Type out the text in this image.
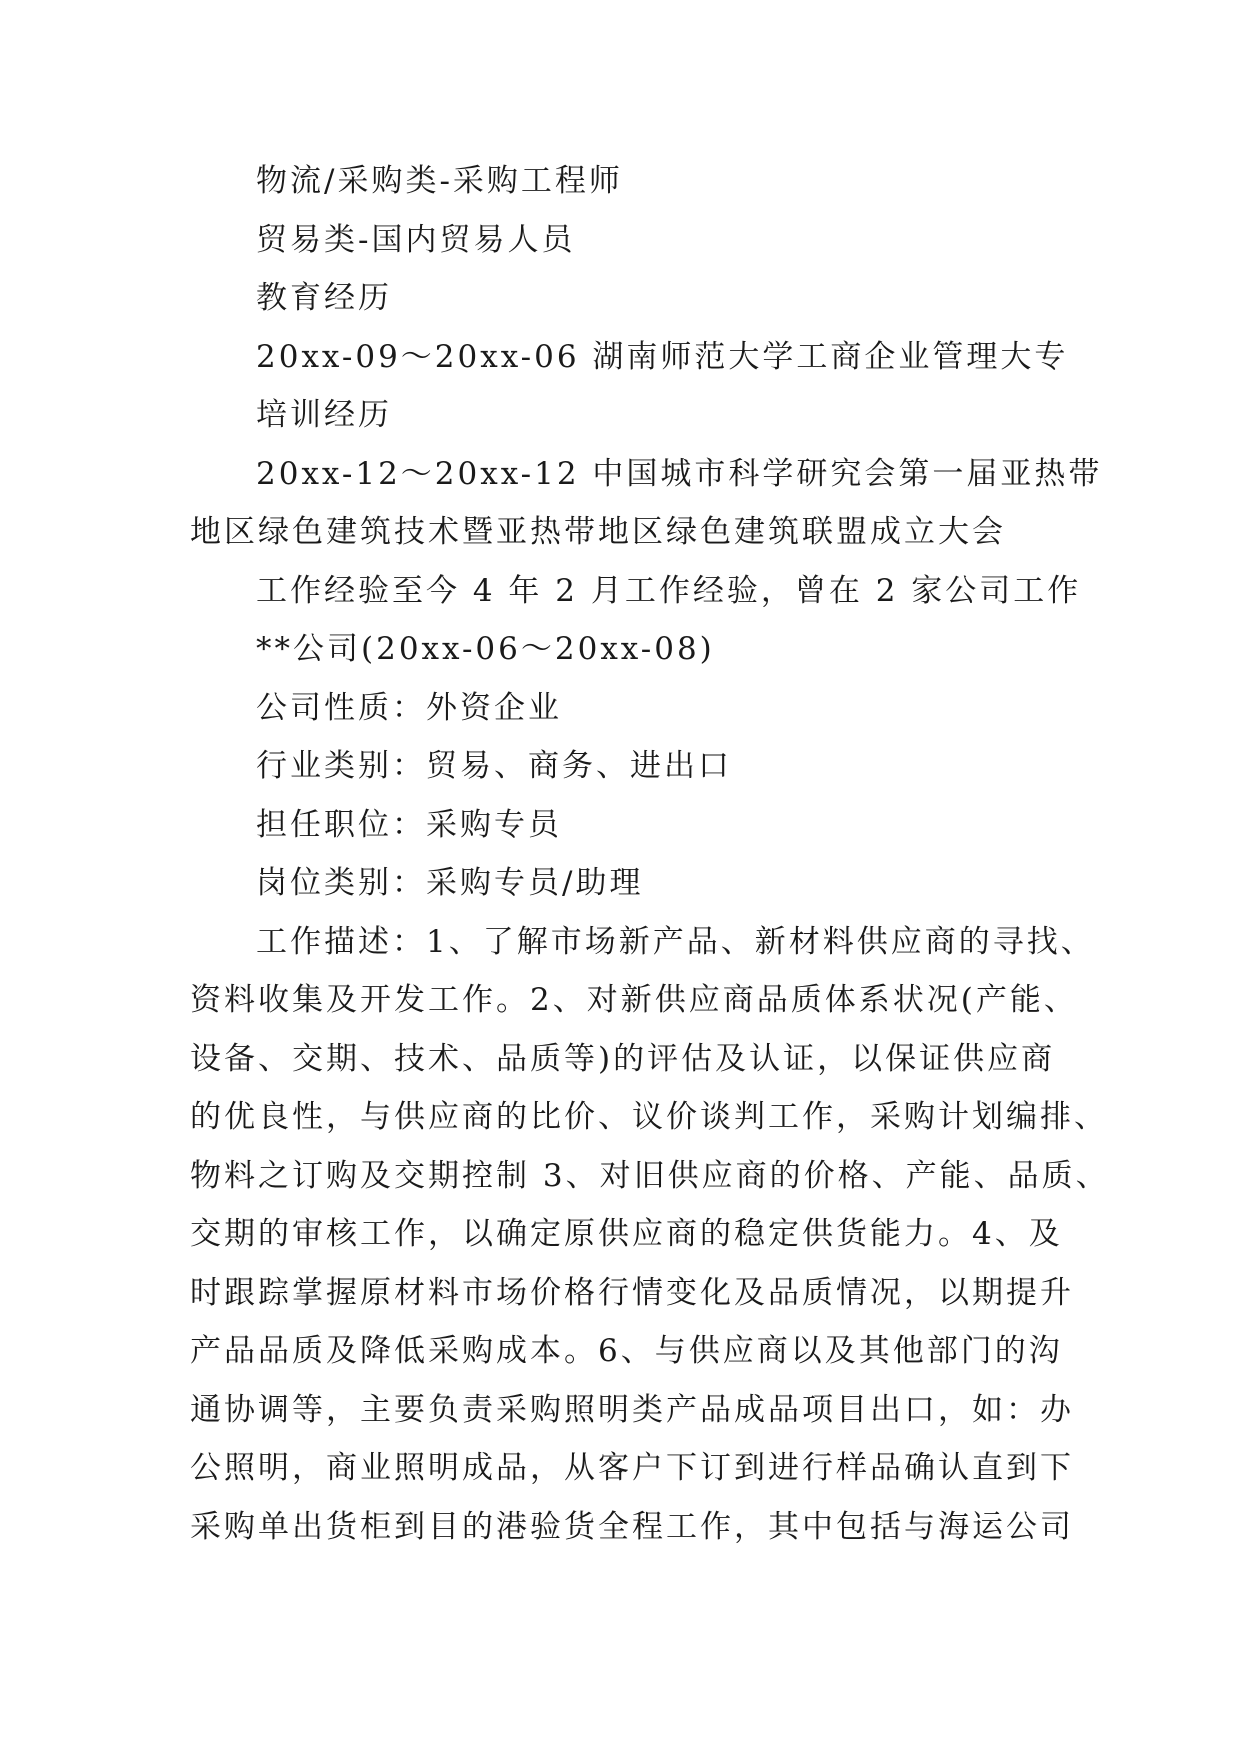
物流/采购类-采购工程师
贸易类-国内贸易人员
教育经历
20xx-09～20xx-06 湖南师范大学工商企业管理大专
培训经历
20xx-12～20xx-12 中国城市科学研究会第一届亚热带
地区绿色建筑技术暨亚热带地区绿色建筑联盟成立大会
工作经验至今 4 年 2 月工作经验，曾在 2 家公司工作
**公司(20xx-06～20xx-08)
公司性质：外资企业
行业类别：贸易、商务、进出口
担任职位：采购专员
岗位类别：采购专员/助理
工作描述：1、了解市场新产品、新材料供应商的寻找、
资料收集及开发工作。2、对新供应商品质体系状况(产能、
设备、交期、技术、品质等)的评估及认证，以保证供应商
的优良性，与供应商的比价、议价谈判工作，采购计划编排、
物料之订购及交期控制 3、对旧供应商的价格、产能、品质、
交期的审核工作，以确定原供应商的稳定供货能力。4、及
时跟踪掌握原材料市场价格行情变化及品质情况，以期提升
产品品质及降低采购成本。6、与供应商以及其他部门的沟
通协调等，主要负责采购照明类产品成品项目出口，如：办
公照明，商业照明成品，从客户下订到进行样品确认直到下
采购单出货柜到目的港验货全程工作，其中包括与海运公司
